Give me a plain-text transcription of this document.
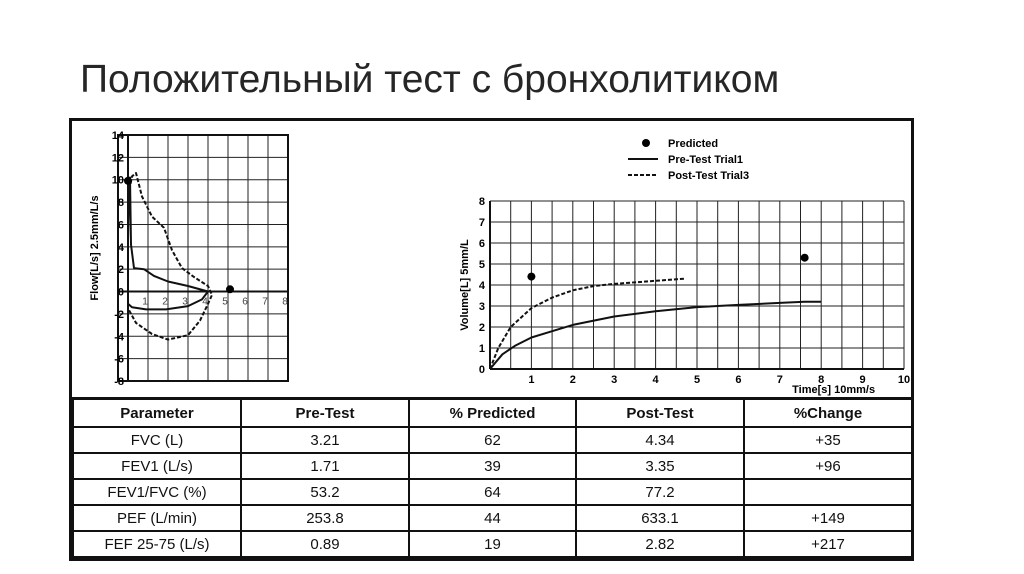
Положительный тест с бронхолитиком
14
12
10
8
6
4
2
0
-2
-4
-6
-8
1 2 3 4 5 6 7 8
Flow[L/s] 2.5mm/L/s	8
7
6
5
4
3
2
1
0
1	2	3	4	5	6	7	8	9	10
Time[s] 10mm/s
Volume[L] 5mm/L
Predicted
Pre-Test Trial1
Post-Test Trial3
Parameter	Pre-Test	% Predicted	Post-Test	%Change
FVC (L)	3.21	62	4.34	+35
FEV1 (L/s)	1.71	39	3.35	+96
FEV1/FVC (%)	53.2	64	77.2	
PEF (L/min)	253.8	44	633.1	+149
FEF 25-75 (L/s)	0.89	19	2.82	+217
